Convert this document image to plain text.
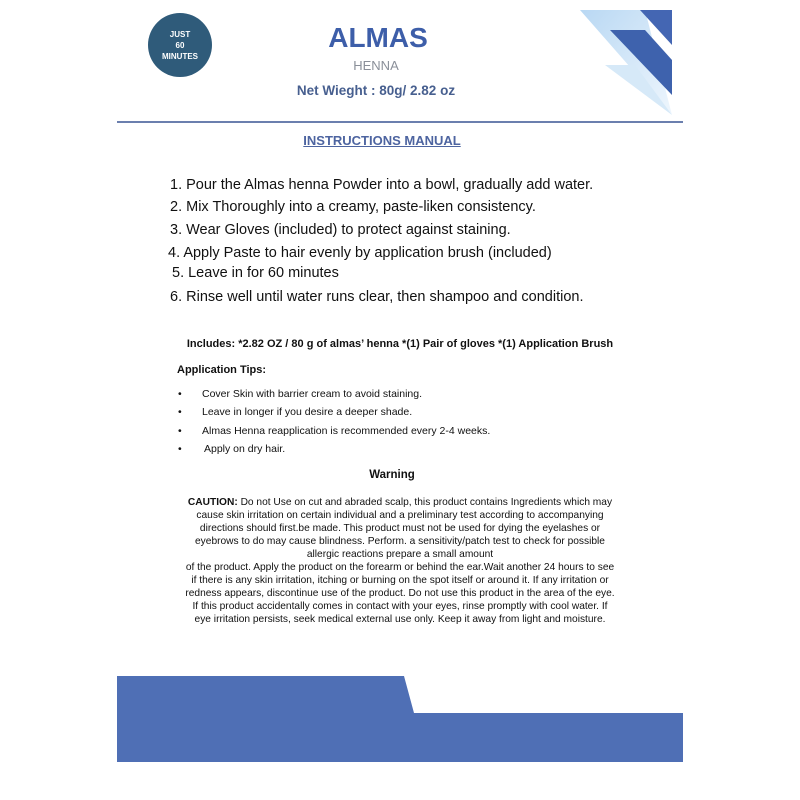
JUST
60
MINUTES
ALMAS
HENNA
Net Wieght : 80g/ 2.82 oz
INSTRUCTIONS MANUAL
1. Pour the Almas henna Powder into a bowl, gradually add water.
2. Mix Thoroughly into a creamy, paste-liken consistency.
3. Wear Gloves (included) to protect against staining.
4. Apply Paste to hair evenly by application brush (included)
5. Leave in for 60 minutes
6. Rinse well until water runs clear, then shampoo and condition.
Includes: *2.82 OZ / 80 g of almas’ henna *(1) Pair of gloves *(1) Application Brush
Application Tips:
• Cover Skin with barrier cream to avoid staining.
• Leave in longer if you desire a deeper shade.
• Almas Henna reapplication is recommended every 2-4 weeks.
• Apply on dry hair.
Warning
CAUTION: Do not Use on cut and abraded scalp, this product contains Ingredients which may
cause skin irritation on certain individual and a preliminary test according to accompanying
directions should first.be made. This product must not be used for dying the eyelashes or
eyebrows to do may cause blindness. Perform. a sensitivity/patch test to check for possible
allergic reactions prepare a small amount
of the product. Apply the product on the forearm or behind the ear.Wait another 24 hours to see
if there is any skin irritation, itching or burning on the spot itself or around it. If any irritation or
redness appears, discontinue use of the product. Do not use this product in the area of the eye.
If this product accidentally comes in contact with your eyes, rinse promptly with cool water. If
eye irritation persists, seek medical external use only. Keep it away from light and moisture.
